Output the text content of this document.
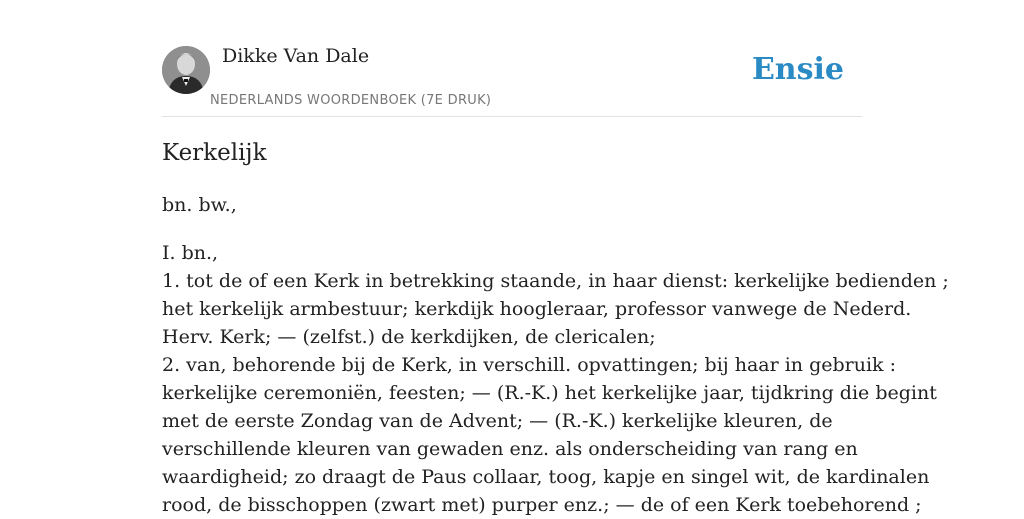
Dikke Van Dale
NEDERLANDS WOORDENBOEK (7E DRUK)
Ensie
Kerkelijk
bn. bw.,
I. bn.,
1. tot de of een Kerk in betrekking staande, in haar dienst: kerkelijke bedienden ;
het kerkelijk armbestuur; kerkdijk hoogleraar, professor vanwege de Nederd.
Herv. Kerk; — (zelfst.) de kerkdijken, de clericalen;
2. van, behorende bij de Kerk, in verschill. opvattingen; bij haar in gebruik :
kerkelijke ceremoniën, feesten; — (R.-K.) het kerkelijke jaar, tijdkring die begint
met de eerste Zondag van de Advent; — (R.-K.) kerkelijke kleuren, de
verschillende kleuren van gewaden enz. als onderscheiding van rang en
waardigheid; zo draagt de Paus collaar, toog, kapje en singel wit, de kardinalen
rood, de bisschoppen (zwart met) purper enz.; — de of een Kerk toebehorend ;
